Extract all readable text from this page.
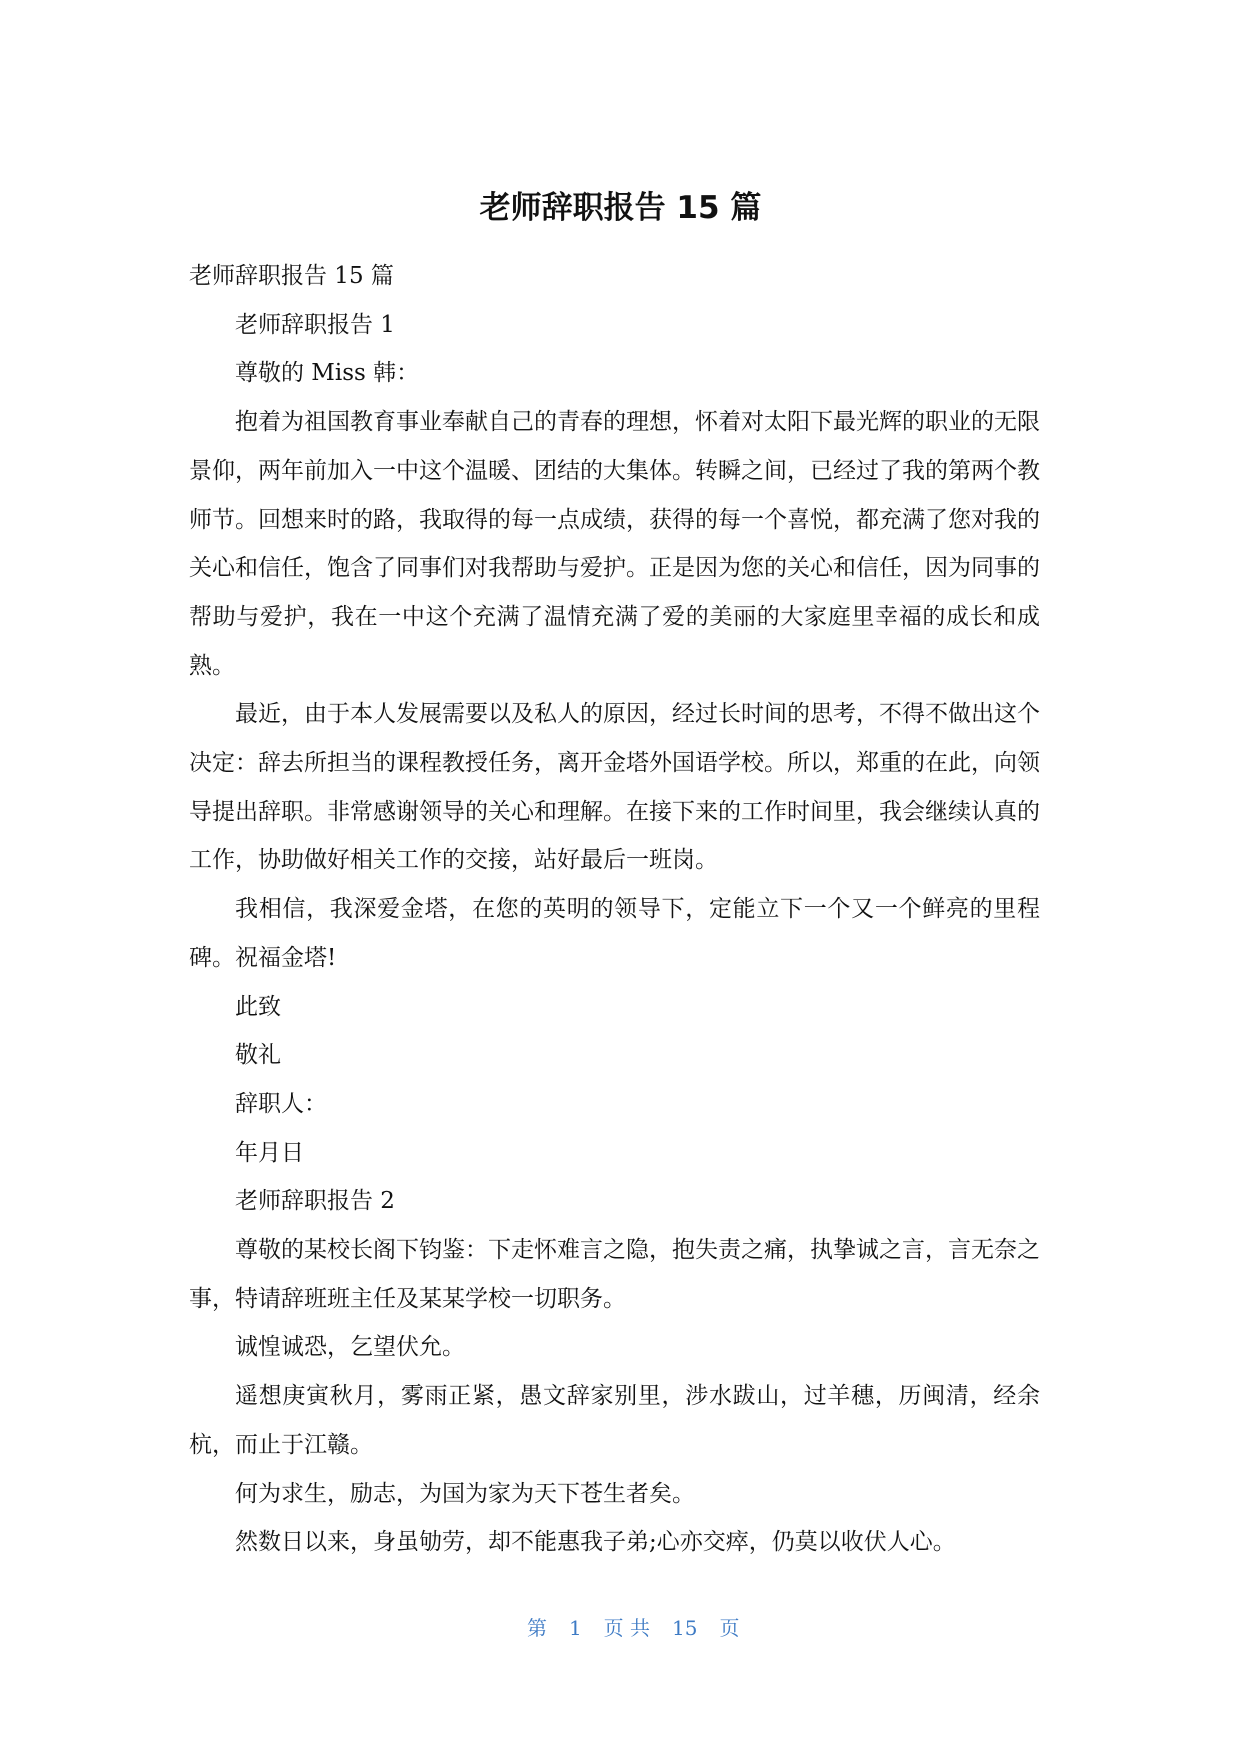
老师辞职报告 15 篇

老师辞职报告 15 篇

老师辞职报告 1

尊敬的 Miss 韩：

抱着为祖国教育事业奉献自己的青春的理想，怀着对太阳下最光辉的职业的无限景仰，两年前加入一中这个温暖、团结的大集体。转瞬之间，已经过了我的第两个教师节。回想来时的路，我取得的每一点成绩，获得的每一个喜悦，都充满了您对我的关心和信任，饱含了同事们对我帮助与爱护。正是因为您的关心和信任，因为同事的帮助与爱护，我在一中这个充满了温情充满了爱的美丽的大家庭里幸福的成长和成熟。

最近，由于本人发展需要以及私人的原因，经过长时间的思考，不得不做出这个决定：辞去所担当的课程教授任务，离开金塔外国语学校。所以，郑重的在此，向领导提出辞职。非常感谢领导的关心和理解。在接下来的工作时间里，我会继续认真的工作，协助做好相关工作的交接，站好最后一班岗。

我相信，我深爱金塔，在您的英明的领导下，定能立下一个又一个鲜亮的里程碑。祝福金塔!

此致

敬礼

辞职人：

年月日

老师辞职报告 2

尊敬的某校长阁下钧鉴：下走怀难言之隐，抱失责之痛，执挚诚之言，言无奈之事，特请辞班班主任及某某学校一切职务。

诚惶诚恐，乞望伏允。

遥想庚寅秋月，雾雨正紧，愚文辞家别里，涉水跋山，过羊穗，历闽清，经余杭，而止于江赣。

何为求生，励志，为国为家为天下苍生者矣。

然数日以来，身虽劬劳，却不能惠我子弟;心亦交瘁，仍莫以收伏人心。

第 1 页 共 15 页
